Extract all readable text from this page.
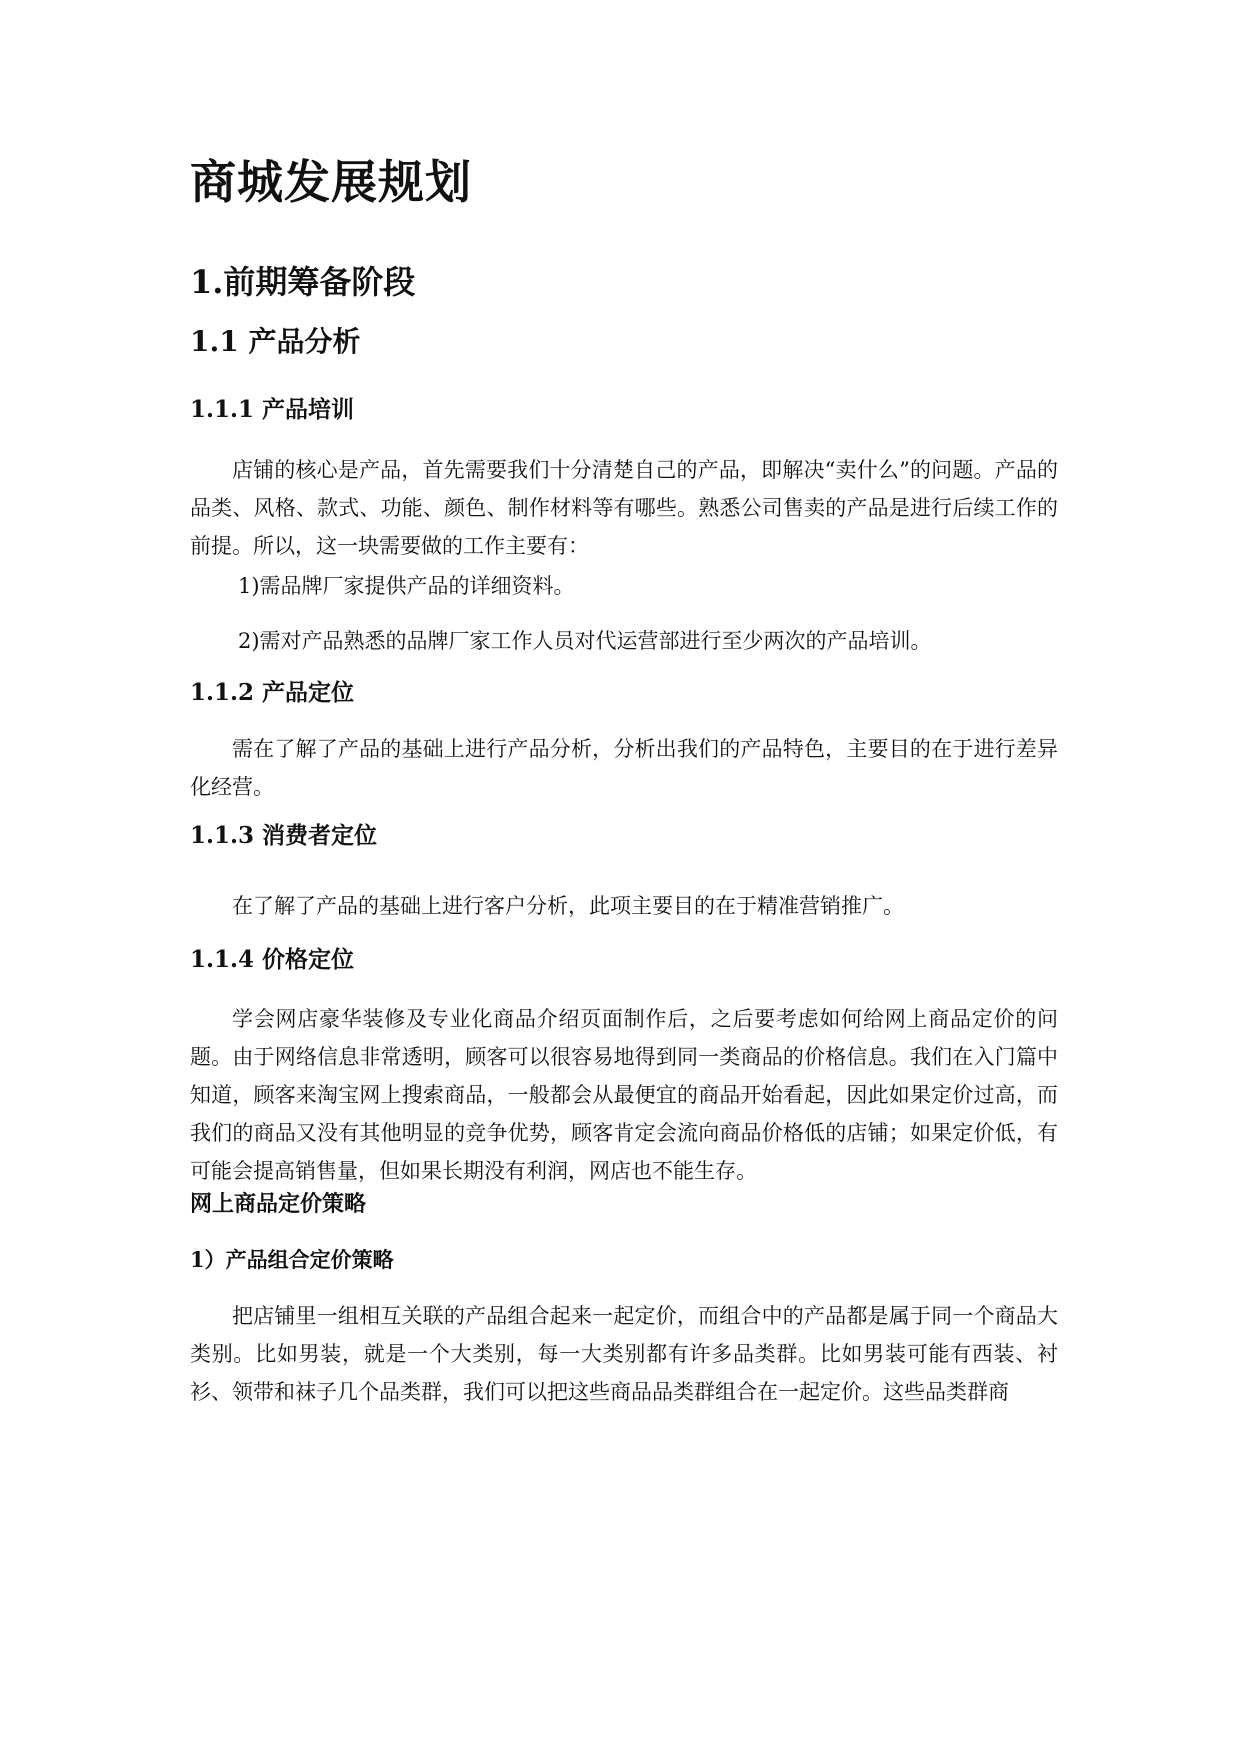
商城发展规划
1.前期筹备阶段
1.1 产品分析
1.1.1 产品培训

店铺的核心是产品，首先需要我们十分清楚自己的产品，即解决“卖什么”的问题。产品的品类、风格、款式、功能、颜色、制作材料等有哪些。熟悉公司售卖的产品是进行后续工作的前提。所以，这一块需要做的工作主要有：

1)需品牌厂家提供产品的详细资料。

2)需对产品熟悉的品牌厂家工作人员对代运营部进行至少两次的产品培训。

1.1.2 产品定位

需在了解了产品的基础上进行产品分析，分析出我们的产品特色，主要目的在于进行差异化经营。

1.1.3 消费者定位

在了解了产品的基础上进行客户分析，此项主要目的在于精准营销推广。

1.1.4 价格定位

学会网店豪华装修及专业化商品介绍页面制作后，之后要考虑如何给网上商品定价的问题。由于网络信息非常透明，顾客可以很容易地得到同一类商品的价格信息。我们在入门篇中知道，顾客来淘宝网上搜索商品，一般都会从最便宜的商品开始看起，因此如果定价过高，而我们的商品又没有其他明显的竞争优势，顾客肯定会流向商品价格低的店铺；如果定价低，有可能会提高销售量，但如果长期没有利润，网店也不能生存。

网上商品定价策略
1）产品组合定价策略

把店铺里一组相互关联的产品组合起来一起定价，而组合中的产品都是属于同一个商品大类别。比如男装，就是一个大类别，每一大类别都有许多品类群。比如男装可能有西装、衬衫、领带和袜子几个品类群，我们可以把这些商品品类群组合在一起定价。这些品类群商
